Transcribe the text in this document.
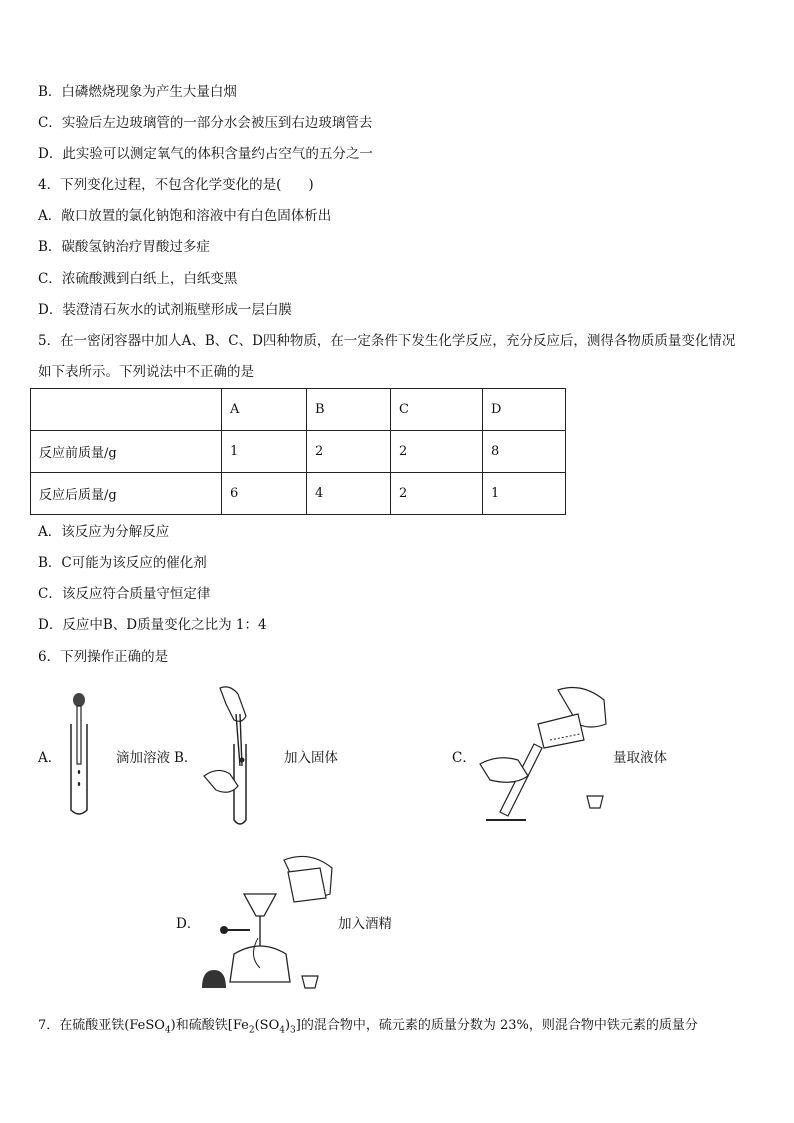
B．白磷燃烧现象为产生大量白烟
C．实验后左边玻璃管的一部分水会被压到右边玻璃管去
D．此实验可以测定氧气的体积含量约占空气的五分之一
4．下列变化过程，不包含化学变化的是(　　)
A．敞口放置的氯化钠饱和溶液中有白色固体析出
B．碳酸氢钠治疗胃酸过多症
C．浓硫酸溅到白纸上，白纸变黑
D．装澄清石灰水的试剂瓶壁形成一层白膜
5．在一密闭容器中加人A、B、C、D四种物质，在一定条件下发生化学反应，充分反应后，测得各物质质量变化情况
如下表所示。下列说法中不正确的是
	A	B	C	D
反应前质量/g	1	2	2	8
反应后质量/g	6	4	2	1
A．该反应为分解反应
B．C可能为该反应的催化剂
C．该反应符合质量守恒定律
D．反应中B、D质量变化之比为 1：4
6．下列操作正确的是
A．	滴加溶液 B．	加入固体	C．	量取液体
D．	加入酒精
7．在硫酸亚铁(FeSO$_4$)和硫酸铁$[Fe_2(SO_4)_3]$的混合物中，硫元素的质量分数为 23%，则混合物中铁元素的质量分
